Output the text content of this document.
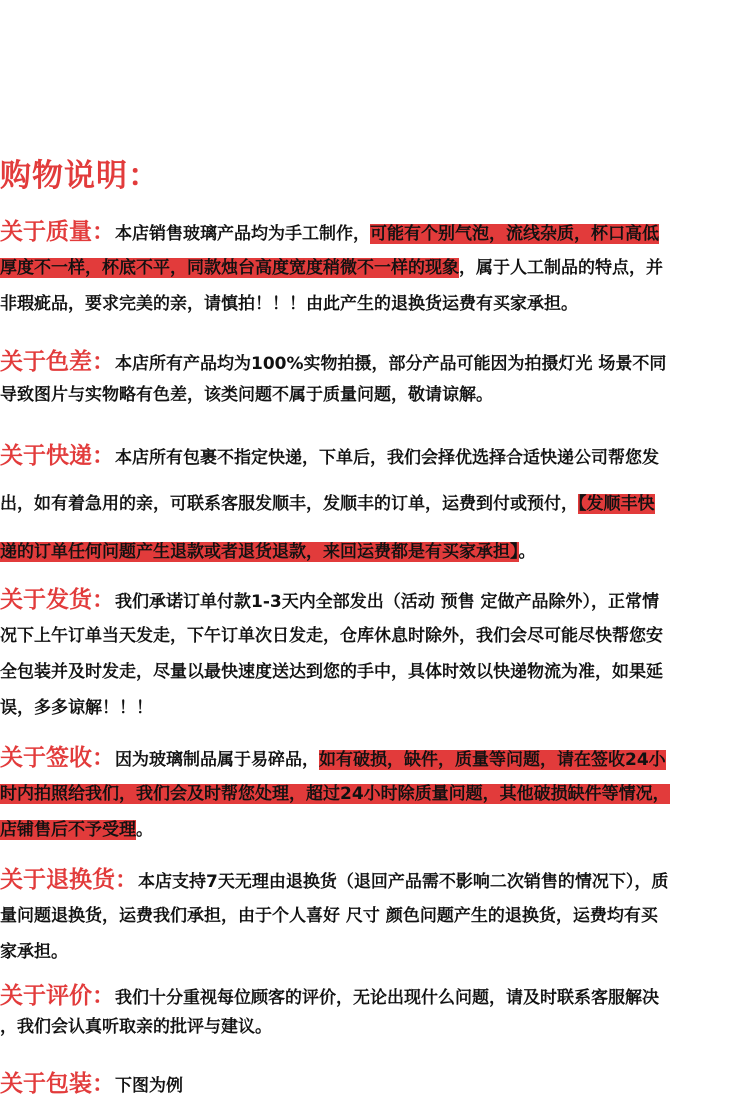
购物说明：
关于质量：本店销售玻璃产品均为手工制作，可能有个别气泡，流线杂质，杯口高低
厚度不一样，杯底不平，同款烛台高度宽度稍微不一样的现象，属于人工制品的特点，并
非瑕疵品，要求完美的亲，请慎拍！！！由此产生的退换货运费有买家承担。
关于色差：本店所有产品均为100%实物拍摄，部分产品可能因为拍摄灯光 场景不同
导致图片与实物略有色差，该类问题不属于质量问题，敬请谅解。
关于快递：本店所有包裹不指定快递，下单后，我们会择优选择合适快递公司帮您发
出，如有着急用的亲，可联系客服发顺丰，发顺丰的订单，运费到付或预付，【发顺丰快
递的订单任何问题产生退款或者退货退款，来回运费都是有买家承担】。
关于发货：我们承诺订单付款1-3天内全部发出（活动 预售 定做产品除外），正常情
况下上午订单当天发走，下午订单次日发走，仓库休息时除外，我们会尽可能尽快帮您安
全包装并及时发走，尽量以最快速度送达到您的手中，具体时效以快递物流为准，如果延
误，多多谅解！！！
关于签收：因为玻璃制品属于易碎品，如有破损，缺件，质量等问题，请在签收24小
时内拍照给我们，我们会及时帮您处理，超过24小时除质量问题，其他破损缺件等情况，
店铺售后不予受理。
关于退换货：本店支持7天无理由退换货（退回产品需不影响二次销售的情况下），质
量问题退换货，运费我们承担，由于个人喜好 尺寸 颜色问题产生的退换货，运费均有买
家承担。
关于评价：我们十分重视每位顾客的评价，无论出现什么问题，请及时联系客服解决
，我们会认真听取亲的批评与建议。
关于包装：下图为例
